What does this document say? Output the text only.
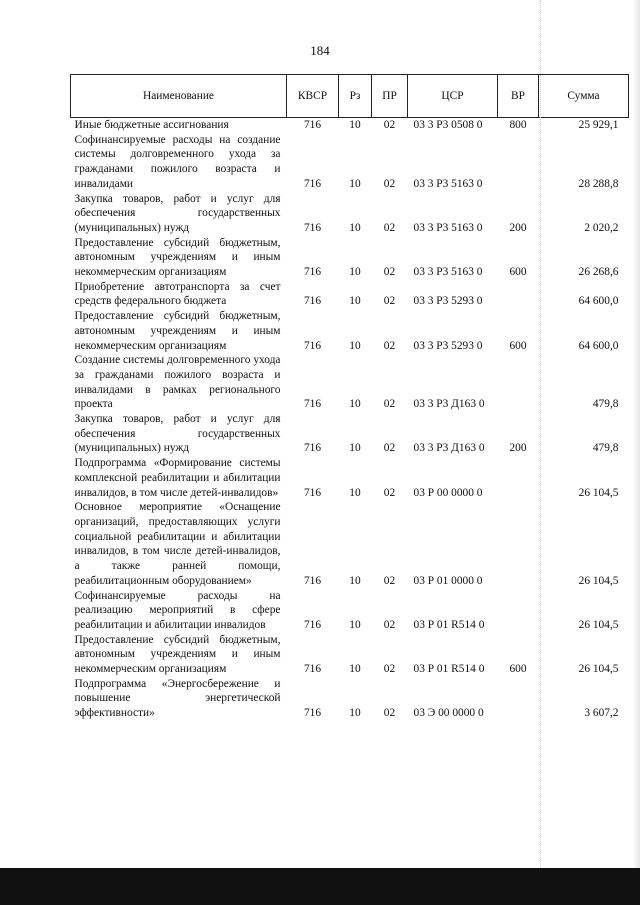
184
Наименование	КВСР	Рз	ПР	ЦСР	ВР	Сумма
Иные бюджетные ассигнования	716	10	02	03 3 Р3 0508 0	800	25 929,1
Софинансируемые расходы на создание системы долговременного ухода за гражданами пожилого возраста и инвалидами	716	10	02	03 3 Р3 5163 0		28 288,8
Закупка товаров, работ и услуг для обеспечения государственных (муниципальных) нужд	716	10	02	03 3 Р3 5163 0	200	2 020,2
Предоставление субсидий бюджетным, автономным учреждениям и иным некоммерческим организациям	716	10	02	03 3 Р3 5163 0	600	26 268,6
Приобретение автотранспорта за счет средств федерального бюджета	716	10	02	03 3 Р3 5293 0		64 600,0
Предоставление субсидий бюджетным, автономным учреждениям и иным некоммерческим организациям	716	10	02	03 3 Р3 5293 0	600	64 600,0
Создание системы долговременного ухода за гражданами пожилого возраста и инвалидами в рамках регионального проекта	716	10	02	03 3 Р3 Д163 0		479,8
Закупка товаров, работ и услуг для обеспечения государственных (муниципальных) нужд	716	10	02	03 3 Р3 Д163 0	200	479,8
Подпрограмма «Формирование системы комплексной реабилитации и абилитации инвалидов, в том числе детей-инвалидов»	716	10	02	03 Р 00 0000 0		26 104,5
Основное мероприятие «Оснащение организаций, предоставляющих услуги социальной реабилитации и абилитации инвалидов, в том числе детей-инвалидов, а также ранней помощи, реабилитационным оборудованием»	716	10	02	03 Р 01 0000 0		26 104,5
Софинансируемые расходы на реализацию мероприятий в сфере реабилитации и абилитации инвалидов	716	10	02	03 Р 01 R514 0		26 104,5
Предоставление субсидий бюджетным, автономным учреждениям и иным некоммерческим организациям	716	10	02	03 Р 01 R514 0	600	26 104,5
Подпрограмма «Энергосбережение и повышение энергетической эффективности»	716	10	02	03 Э 00 0000 0		3 607,2
